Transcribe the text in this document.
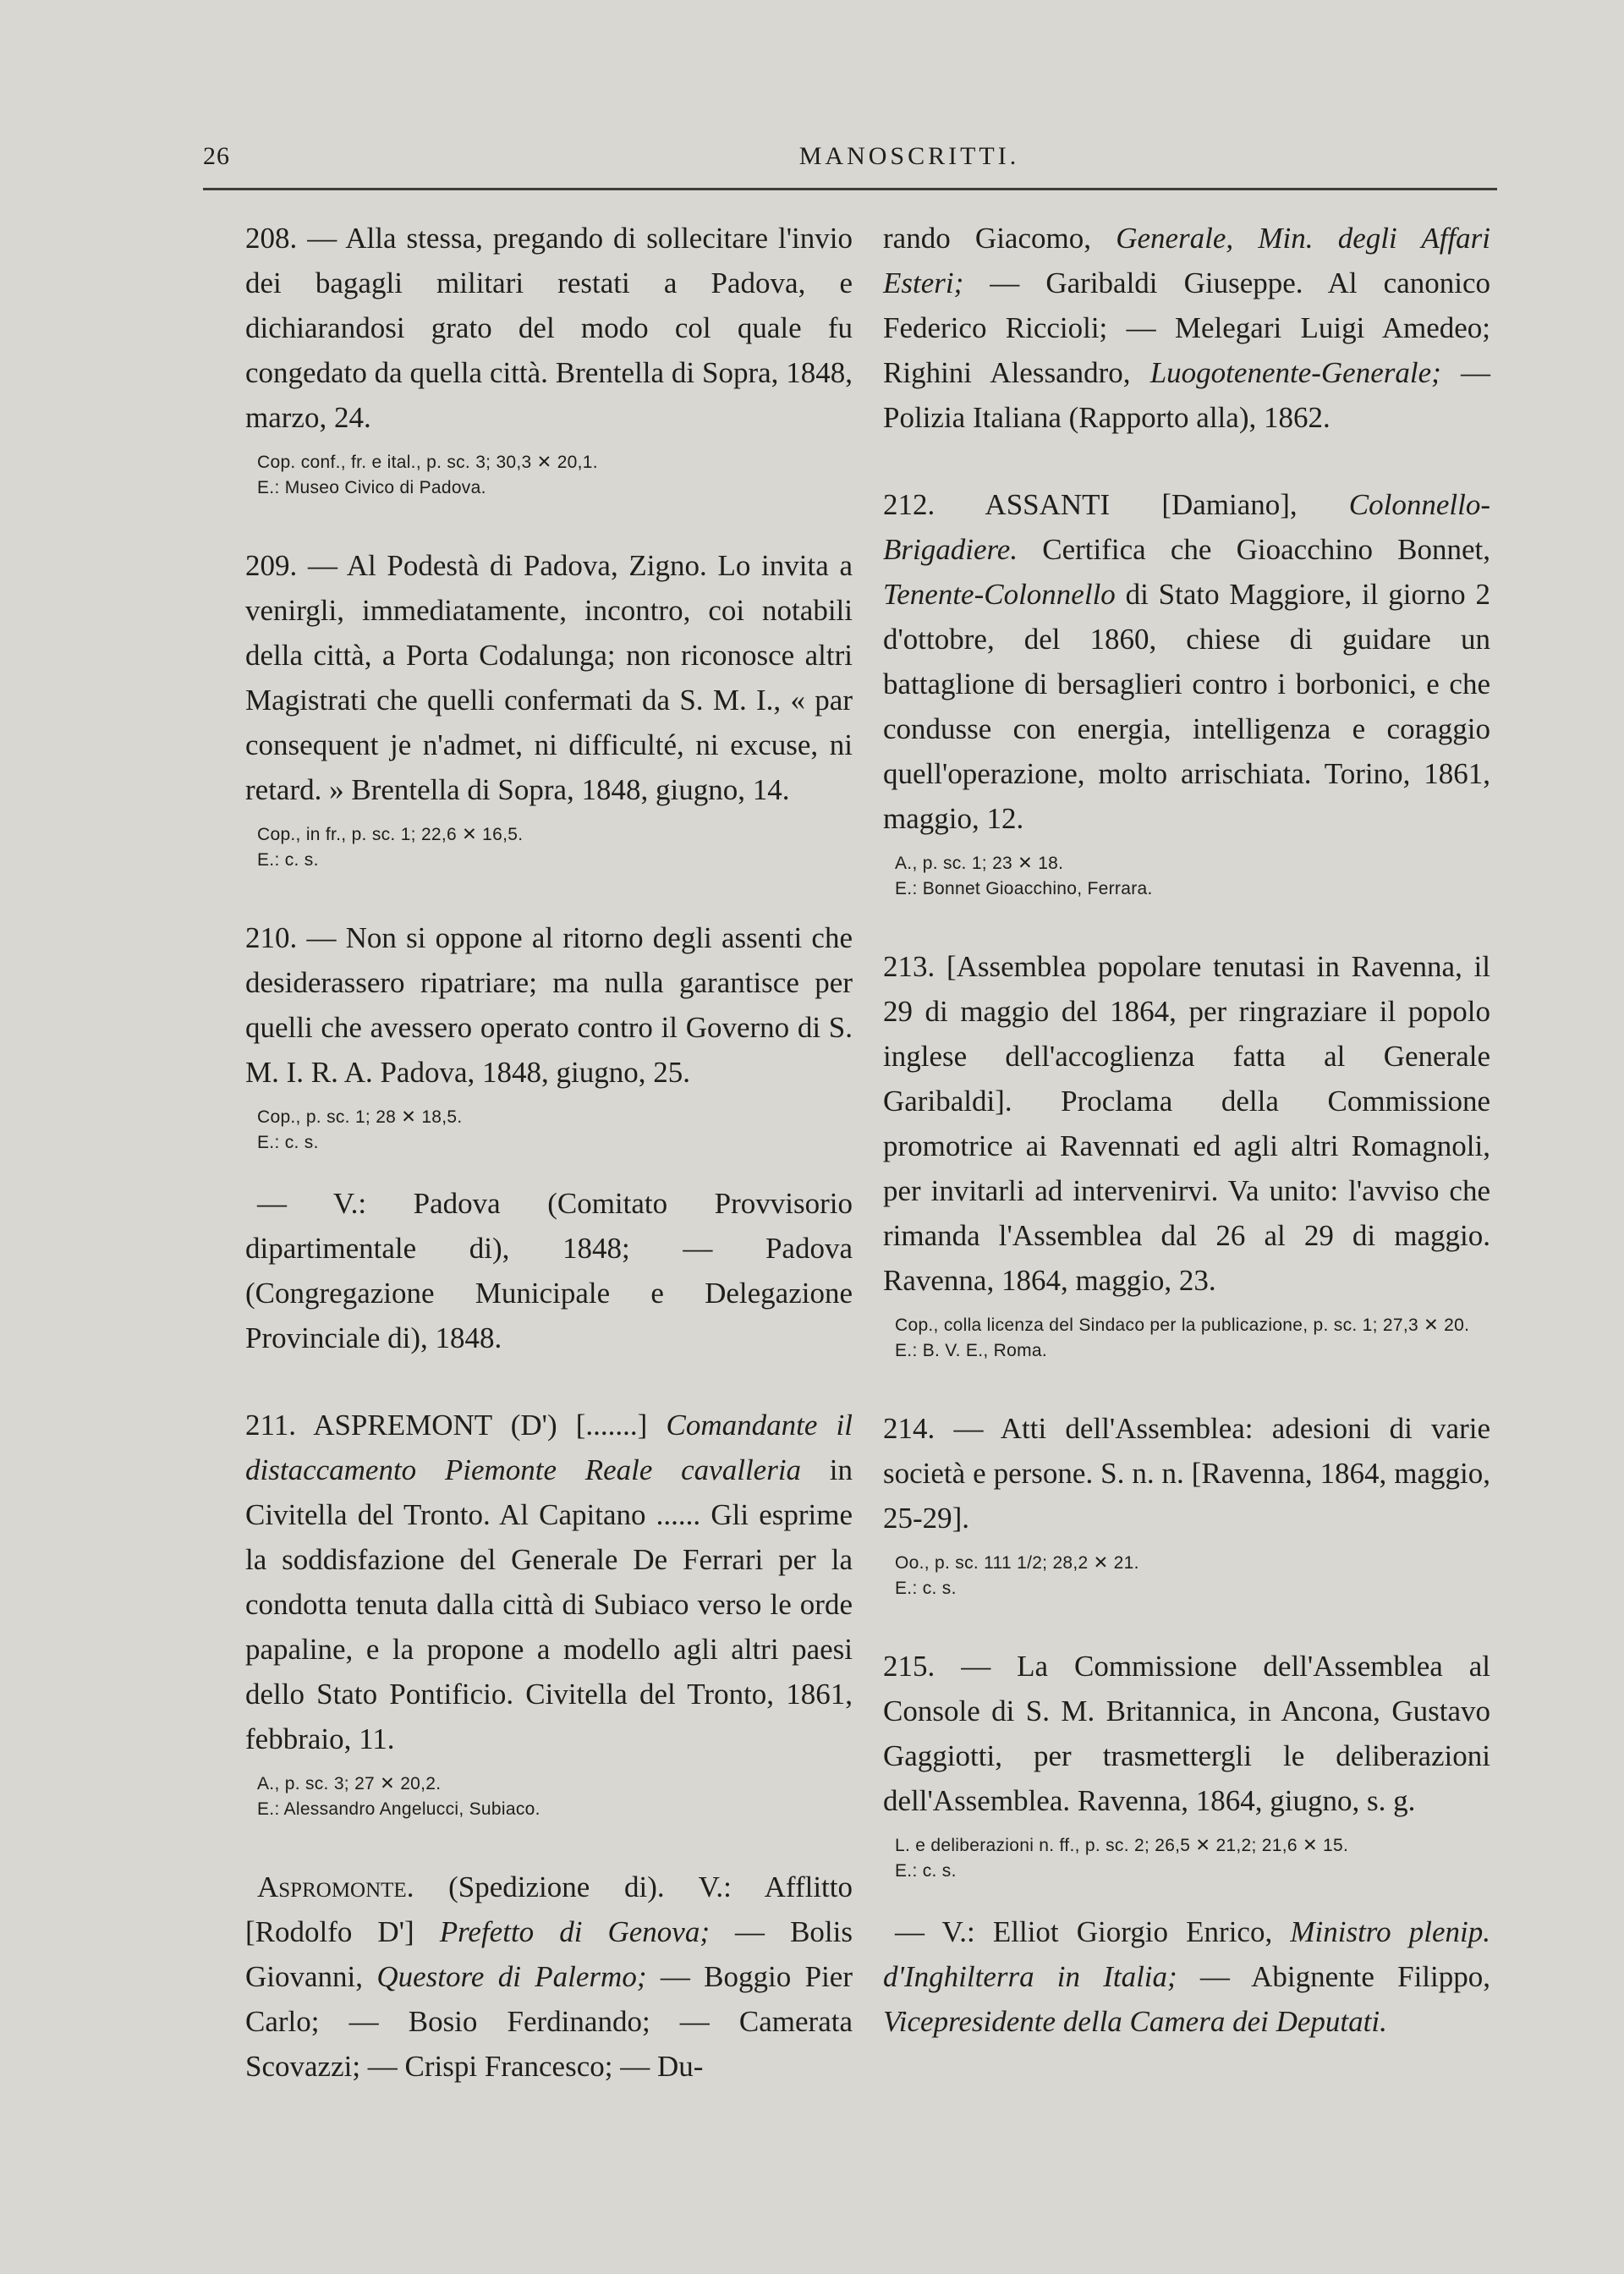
26	MANOSCRITTI.

208. — Alla stessa, pregando di sollecitare l'invio dei bagagli militari restati a Padova, e dichiarandosi grato del modo col quale fu congedato da quella città. Brentella di Sopra, 1848, marzo, 24.

Cop. conf., fr. e ital., p. sc. 3; 30,3 ✕ 20,1.
E.: Museo Civico di Padova.

209. — Al Podestà di Padova, Zigno. Lo invita a venirgli, immediatamente, incontro, coi notabili della città, a Porta Codalunga; non riconosce altri Magistrati che quelli confermati da S. M. I., « par consequent je n'admet, ni difficulté, ni excuse, ni retard. » Brentella di Sopra, 1848, giugno, 14.

Cop., in fr., p. sc. 1; 22,6 ✕ 16,5.
E.: c. s.

210. — Non si oppone al ritorno degli assenti che desiderassero ripatriare; ma nulla garantisce per quelli che avessero operato contro il Governo di S. M. I. R. A. Padova, 1848, giugno, 25.

Cop., p. sc. 1; 28 ✕ 18,5.
E.: c. s.

— V.: Padova (Comitato Provvisorio dipartimentale di), 1848; — Padova (Congregazione Municipale e Delegazione Provinciale di), 1848.

211. ASPREMONT (D') [.......] Comandante il distaccamento Piemonte Reale cavalleria in Civitella del Tronto. Al Capitano ...... Gli esprime la soddisfazione del Generale De Ferrari per la condotta tenuta dalla città di Subiaco verso le orde papaline, e la propone a modello agli altri paesi dello Stato Pontificio. Civitella del Tronto, 1861, febbraio, 11.

A., p. sc. 3; 27 ✕ 20,2.
E.: Alessandro Angelucci, Subiaco.

Aspromonte. (Spedizione di). V.: Afflitto [Rodolfo D'] Prefetto di Genova; — Bolis Giovanni, Questore di Palermo; — Boggio Pier Carlo; — Bosio Ferdinando; — Camerata Scovazzi; — Crispi Francesco; — Du-

rando Giacomo, Generale, Min. degli Affari Esteri; — Garibaldi Giuseppe. Al canonico Federico Riccioli; — Melegari Luigi Amedeo; Righini Alessandro, Luogotenente-Generale; — Polizia Italiana (Rapporto alla), 1862.

212. ASSANTI [Damiano], Colonnello-Brigadiere. Certifica che Gioacchino Bonnet, Tenente-Colonnello di Stato Maggiore, il giorno 2 d'ottobre, del 1860, chiese di guidare un battaglione di bersaglieri contro i borbonici, e che condusse con energia, intelligenza e coraggio quell'operazione, molto arrischiata. Torino, 1861, maggio, 12.

A., p. sc. 1; 23 ✕ 18.
E.: Bonnet Gioacchino, Ferrara.

213. [Assemblea popolare tenutasi in Ravenna, il 29 di maggio del 1864, per ringraziare il popolo inglese dell'accoglienza fatta al Generale Garibaldi]. Proclama della Commissione promotrice ai Ravennati ed agli altri Romagnoli, per invitarli ad intervenirvi. Va unito: l'avviso che rimanda l'Assemblea dal 26 al 29 di maggio. Ravenna, 1864, maggio, 23.

Cop., colla licenza del Sindaco per la publicazione, p. sc. 1; 27,3 ✕ 20.
E.: B. V. E., Roma.

214. — Atti dell'Assemblea: adesioni di varie società e persone. S. n. n. [Ravenna, 1864, maggio, 25-29].

Oo., p. sc. 111 1/2; 28,2 ✕ 21.
E.: c. s.

215. — La Commissione dell'Assemblea al Console di S. M. Britannica, in Ancona, Gustavo Gaggiotti, per trasmettergli le deliberazioni dell'Assemblea. Ravenna, 1864, giugno, s. g.

L. e deliberazioni n. ff., p. sc. 2; 26,5 ✕ 21,2; 21,6 ✕ 15.
E.: c. s.

— V.: Elliot Giorgio Enrico, Ministro plenip. d'Inghilterra in Italia; — Abignente Filippo, Vicepresidente della Camera dei Deputati.
